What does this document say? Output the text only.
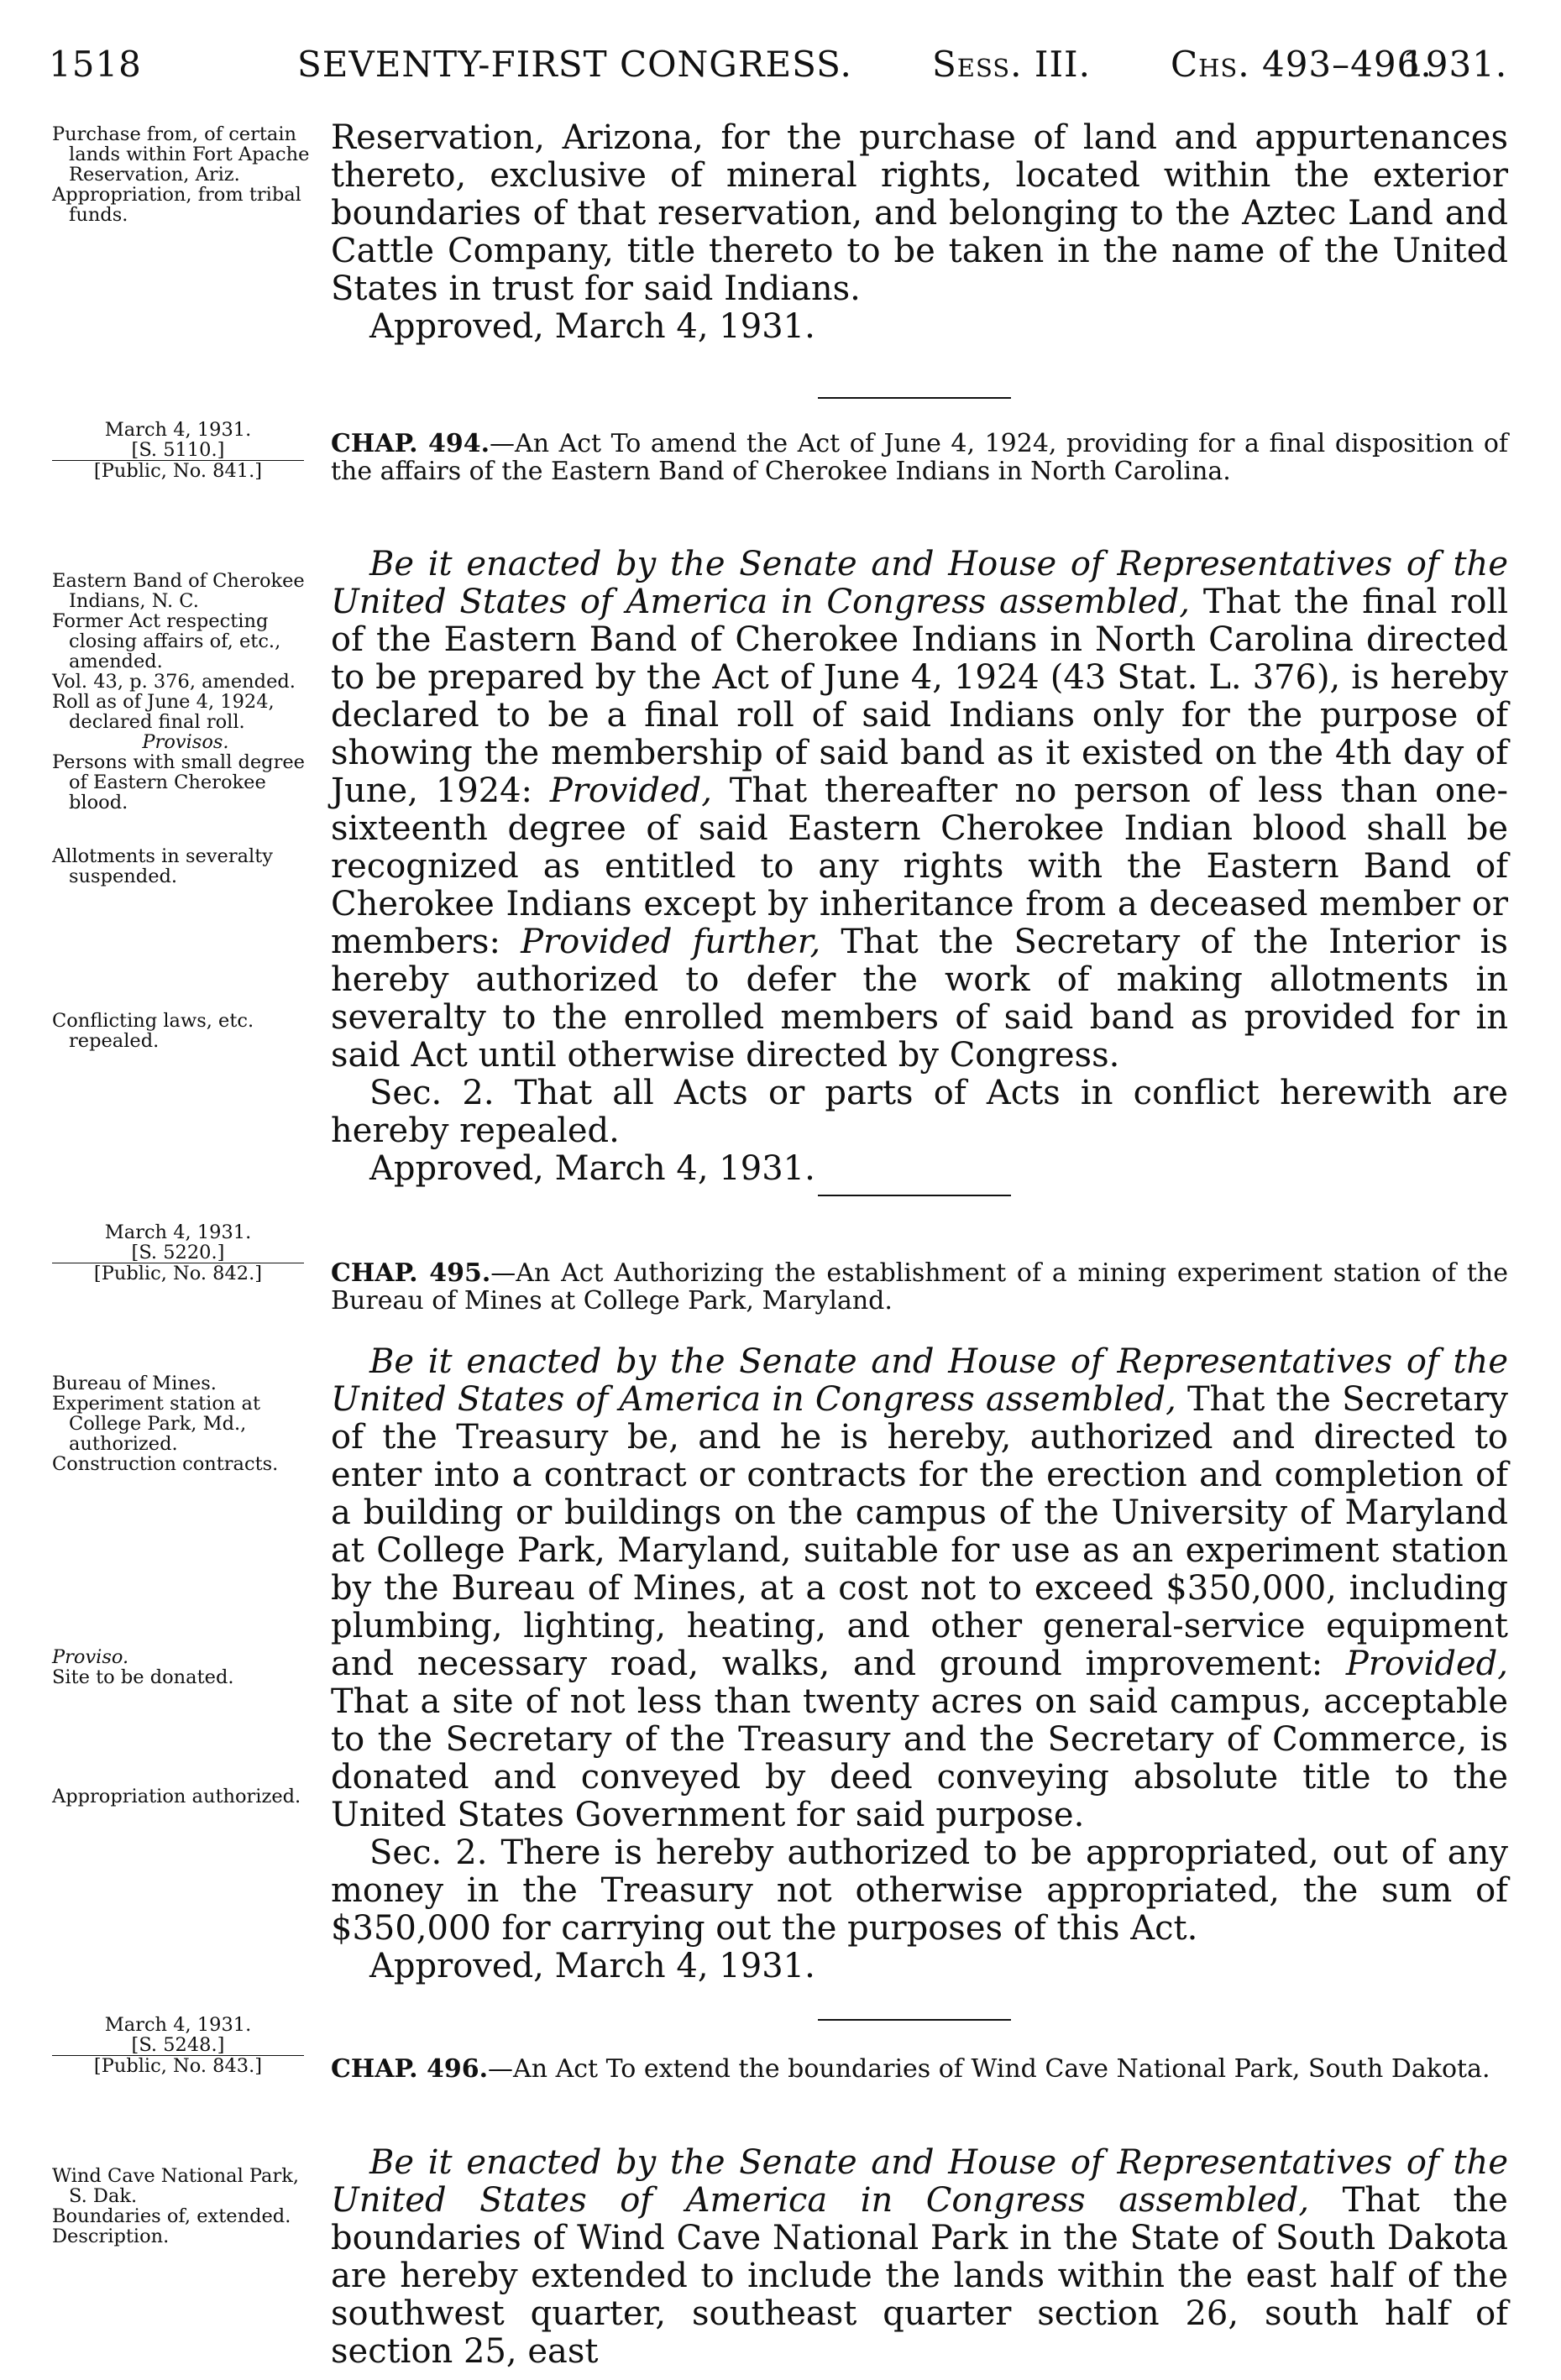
1518	SEVENTY-FIRST CONGRESS. Sess. III. Chs. 493–496.
1931.

Purchase from, of certain lands within Fort Apache Reservation, Ariz.

Appropriation, from tribal funds.

Reservation, Arizona, for the purchase of land and appurtenances thereto, exclusive of mineral rights, located within the exterior boundaries of that reservation, and belonging to the Aztec Land and Cattle Company, title thereto to be taken in the name of the United States in trust for said Indians.

Approved, March 4, 1931.

March 4, 1931.

[S. 5110.]

[Public, No. 841.]

CHAP. 494.—An Act To amend the Act of June 4, 1924, providing for a final disposition of the affairs of the Eastern Band of Cherokee Indians in North Carolina.

Eastern Band of Cherokee Indians, N. C.

Former Act respecting closing affairs of, etc., amended.

Vol. 43, p. 376, amended.

Roll as of June 4, 1924, declared final roll.

Provisos.

Persons with small degree of Eastern Cherokee blood.

Allotments in severalty suspended.

Conflicting laws, etc. repealed.

Be it enacted by the Senate and House of Representatives of the United States of America in Congress assembled, That the final roll of the Eastern Band of Cherokee Indians in North Carolina directed to be prepared by the Act of June 4, 1924 (43 Stat. L. 376), is hereby declared to be a final roll of said Indians only for the purpose of showing the membership of said band as it existed on the 4th day of June, 1924: Provided, That thereafter no person of less than one-sixteenth degree of said Eastern Cherokee Indian blood shall be recognized as entitled to any rights with the Eastern Band of Cherokee Indians except by inheritance from a deceased member or members: Provided further, That the Secretary of the Interior is hereby authorized to defer the work of making allotments in severalty to the enrolled members of said band as provided for in said Act until otherwise directed by Congress.

Sec. 2. That all Acts or parts of Acts in conflict herewith are hereby repealed.

Approved, March 4, 1931.

March 4, 1931.

[S. 5220.]

[Public, No. 842.]	CHAP. 495.—An Act Authorizing the establishment of a mining experiment station of the Bureau of Mines at College Park, Maryland.

Bureau of Mines.

Experiment station at College Park, Md., authorized.

Construction contracts.

Proviso.

Site to be donated.

Appropriation authorized.

Be it enacted by the Senate and House of Representatives of the United States of America in Congress assembled, That the Secretary of the Treasury be, and he is hereby, authorized and directed to enter into a contract or contracts for the erection and completion of a building or buildings on the campus of the University of Maryland at College Park, Maryland, suitable for use as an experiment station by the Bureau of Mines, at a cost not to exceed $350,000, including plumbing, lighting, heating, and other general-service equipment and necessary road, walks, and ground improvement: Provided, That a site of not less than twenty acres on said campus, acceptable to the Secretary of the Treasury and the Secretary of Commerce, is donated and conveyed by deed conveying absolute title to the United States Government for said purpose.

Sec. 2. There is hereby authorized to be appropriated, out of any money in the Treasury not otherwise appropriated, the sum of $350,000 for carrying out the purposes of this Act.

Approved, March 4, 1931.

March 4, 1931.

[S. 5248.]

[Public, No. 843.]	CHAP. 496.—An Act To extend the boundaries of Wind Cave National Park, South Dakota.

Wind Cave National Park, S. Dak.

Boundaries of, extended.

Description.

Be it enacted by the Senate and House of Representatives of the United States of America in Congress assembled, That the boundaries of Wind Cave National Park in the State of South Dakota are hereby extended to include the lands within the east half of the southwest quarter, southeast quarter section 26, south half of section 25, east
